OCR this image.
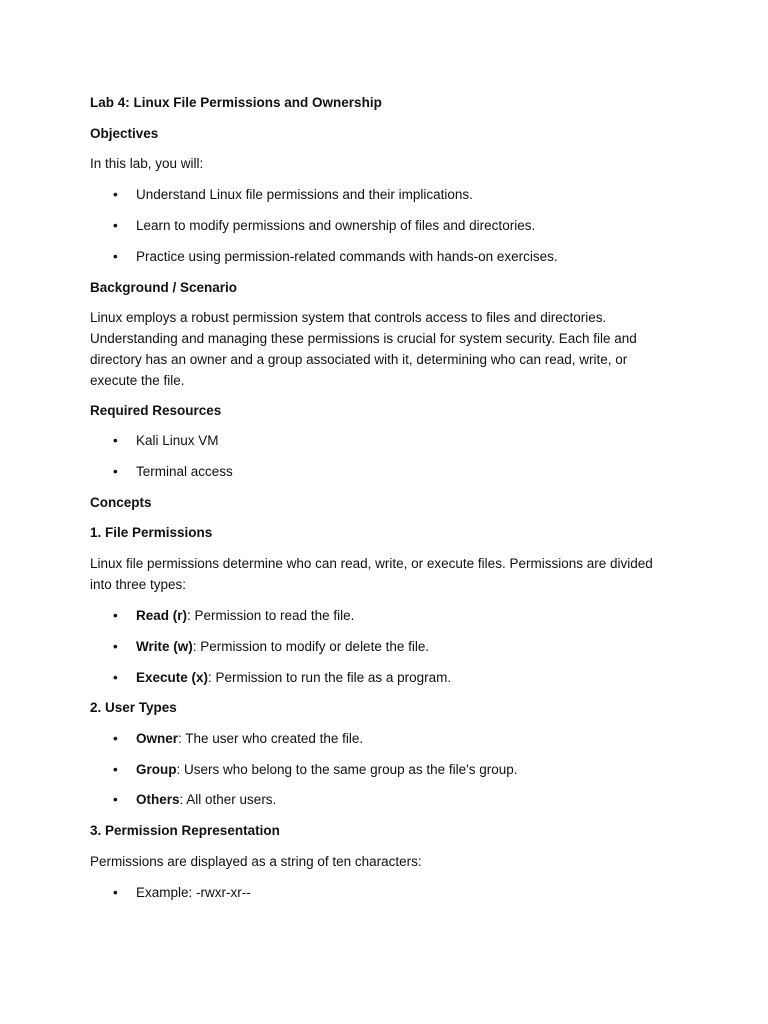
Lab 4: Linux File Permissions and Ownership
Objectives
In this lab, you will:
• Understand Linux file permissions and their implications.
• Learn to modify permissions and ownership of files and directories.
• Practice using permission-related commands with hands-on exercises.
Background / Scenario
Linux employs a robust permission system that controls access to files and directories.
Understanding and managing these permissions is crucial for system security. Each file and
directory has an owner and a group associated with it, determining who can read, write, or
execute the file.
Required Resources
• Kali Linux VM
• Terminal access
Concepts
1. File Permissions
Linux file permissions determine who can read, write, or execute files. Permissions are divided
into three types:
• Read (r): Permission to read the file.
• Write (w): Permission to modify or delete the file.
• Execute (x): Permission to run the file as a program.
2. User Types
• Owner: The user who created the file.
• Group: Users who belong to the same group as the file's group.
• Others: All other users.
3. Permission Representation
Permissions are displayed as a string of ten characters:
• Example: -rwxr-xr--
